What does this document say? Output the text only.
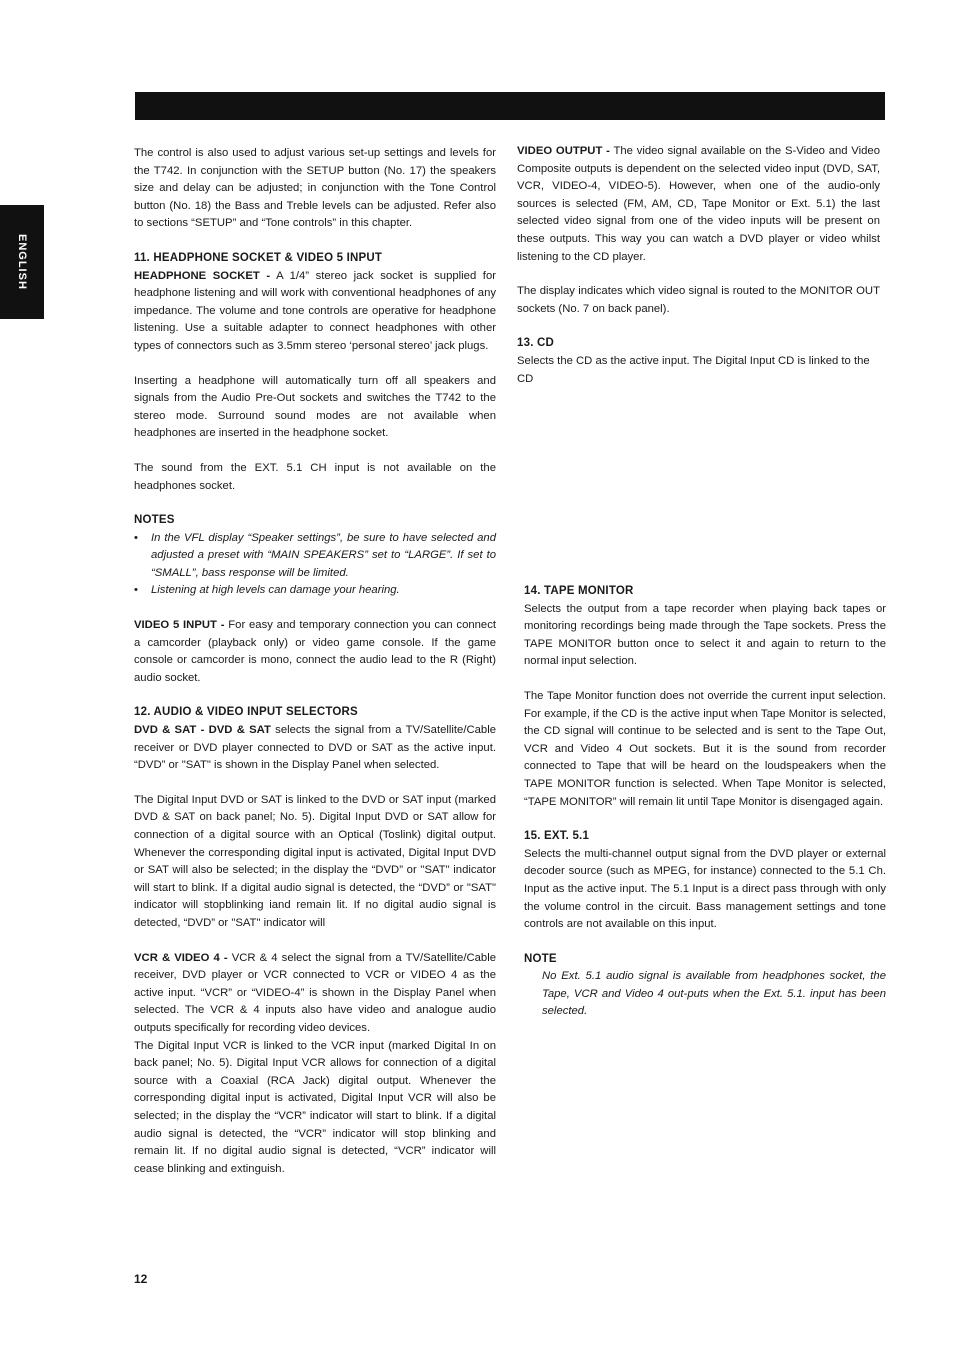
ENGLISH

The control is also used to adjust various set-up settings and levels for the T742. In conjunction with the SETUP button (No. 17) the speakers size and delay can be adjusted; in conjunction with the Tone Control button (No. 18) the Bass and Treble levels can be adjusted. Refer also to sections “SETUP” and “Tone controls” in this chapter.

11. HEADPHONE SOCKET & VIDEO 5 INPUT

HEADPHONE SOCKET - A 1/4” stereo jack socket is supplied for headphone listening and will work with conventional headphones of any impedance. The volume and tone controls are operative for headphone listening. Use a suitable adapter to connect headphones with other types of connectors such as 3.5mm stereo ‘personal stereo’ jack plugs.

Inserting a headphone will automatically turn off all speakers and signals from the Audio Pre-Out sockets and switches the T742 to the stereo mode. Surround sound modes are not available when headphones are inserted in the headphone socket.

The sound from the EXT. 5.1 CH input is not available on the headphones socket.

NOTES
• In the VFL display “Speaker settings”, be sure to have selected and adjusted a preset with “MAIN SPEAKERS” set to “LARGE”. If set to “SMALL”, bass response will be limited.
• Listening at high levels can damage your hearing.

VIDEO 5 INPUT - For easy and temporary connection you can connect a camcorder (playback only) or video game console. If the game console or camcorder is mono, connect the audio lead to the R (Right) audio socket.

12. AUDIO & VIDEO INPUT SELECTORS

DVD & SAT - DVD & SAT selects the signal from a TV/Satellite/Cable receiver or DVD player connected to DVD or SAT as the active input. “DVD” or "SAT" is shown in the Display Panel when selected.

The Digital Input DVD or SAT is linked to the DVD or SAT input (marked DVD & SAT on back panel; No. 5). Digital Input DVD or SAT allow for connection of a digital source with an Optical (Toslink) digital output. Whenever the corresponding digital input is activated, Digital Input DVD or SAT will also be selected; in the display the “DVD” or "SAT" indicator will start to blink. If a digital audio signal is detected, the “DVD” or "SAT" indicator will stopblinking iand remain lit. If no digital audio signal is detected, “DVD” or "SAT" indicator will

VCR & VIDEO 4 - VCR & 4 select the signal from a TV/Satellite/Cable receiver, DVD player or VCR connected to VCR or VIDEO 4 as the active input. “VCR” or “VIDEO-4” is shown in the Display Panel when selected. The VCR & 4 inputs also have video and analogue audio outputs specifically for recording video devices.

The Digital Input VCR is linked to the VCR input (marked Digital In on back panel; No. 5). Digital Input VCR allows for connection of a digital source with a Coaxial (RCA Jack) digital output. Whenever the corresponding digital input is activated, Digital Input VCR will also be selected; in the display the “VCR” indicator will start to blink. If a digital audio signal is detected, the “VCR” indicator will stop blinking and remain lit. If no digital audio signal is detected, “VCR” indicator will cease blinking and extinguish.

VIDEO OUTPUT - The video signal available on the S-Video and Video Composite outputs is dependent on the selected video input (DVD, SAT, VCR, VIDEO-4, VIDEO-5). However, when one of the audio-only sources is selected (FM, AM, CD, Tape Monitor or Ext. 5.1) the last selected video signal from one of the video inputs will be present on these outputs. This way you can watch a DVD player or video whilst listening to the CD player.

The display indicates which video signal is routed to the MONITOR OUT sockets (No. 7 on back panel).

13. CD

Selects the CD as the active input. The Digital Input CD is linked to the CD

14. TAPE MONITOR

Selects the output from a tape recorder when playing back tapes or monitoring recordings being made through the Tape sockets. Press the TAPE MONITOR button once to select it and again to return to the normal input selection.

The Tape Monitor function does not override the current input selection. For example, if the CD is the active input when Tape Monitor is selected, the CD signal will continue to be selected and is sent to the Tape Out, VCR and Video 4 Out sockets. But it is the sound from recorder connected to Tape that will be heard on the loudspeakers when the TAPE MONITOR function is selected. When Tape Monitor is selected, “TAPE MONITOR” will remain lit until Tape Monitor is disengaged again.

15. EXT. 5.1

Selects the multi-channel output signal from the DVD player or external decoder source (such as MPEG, for instance) connected to the 5.1 Ch. Input as the active input. The 5.1 Input is a direct pass through with only the volume control in the circuit. Bass management settings and tone controls are not available on this input.

NOTE

No Ext. 5.1 audio signal is available from headphones socket, the Tape, VCR and Video 4 out-puts when the Ext. 5.1. input has been selected.

12
